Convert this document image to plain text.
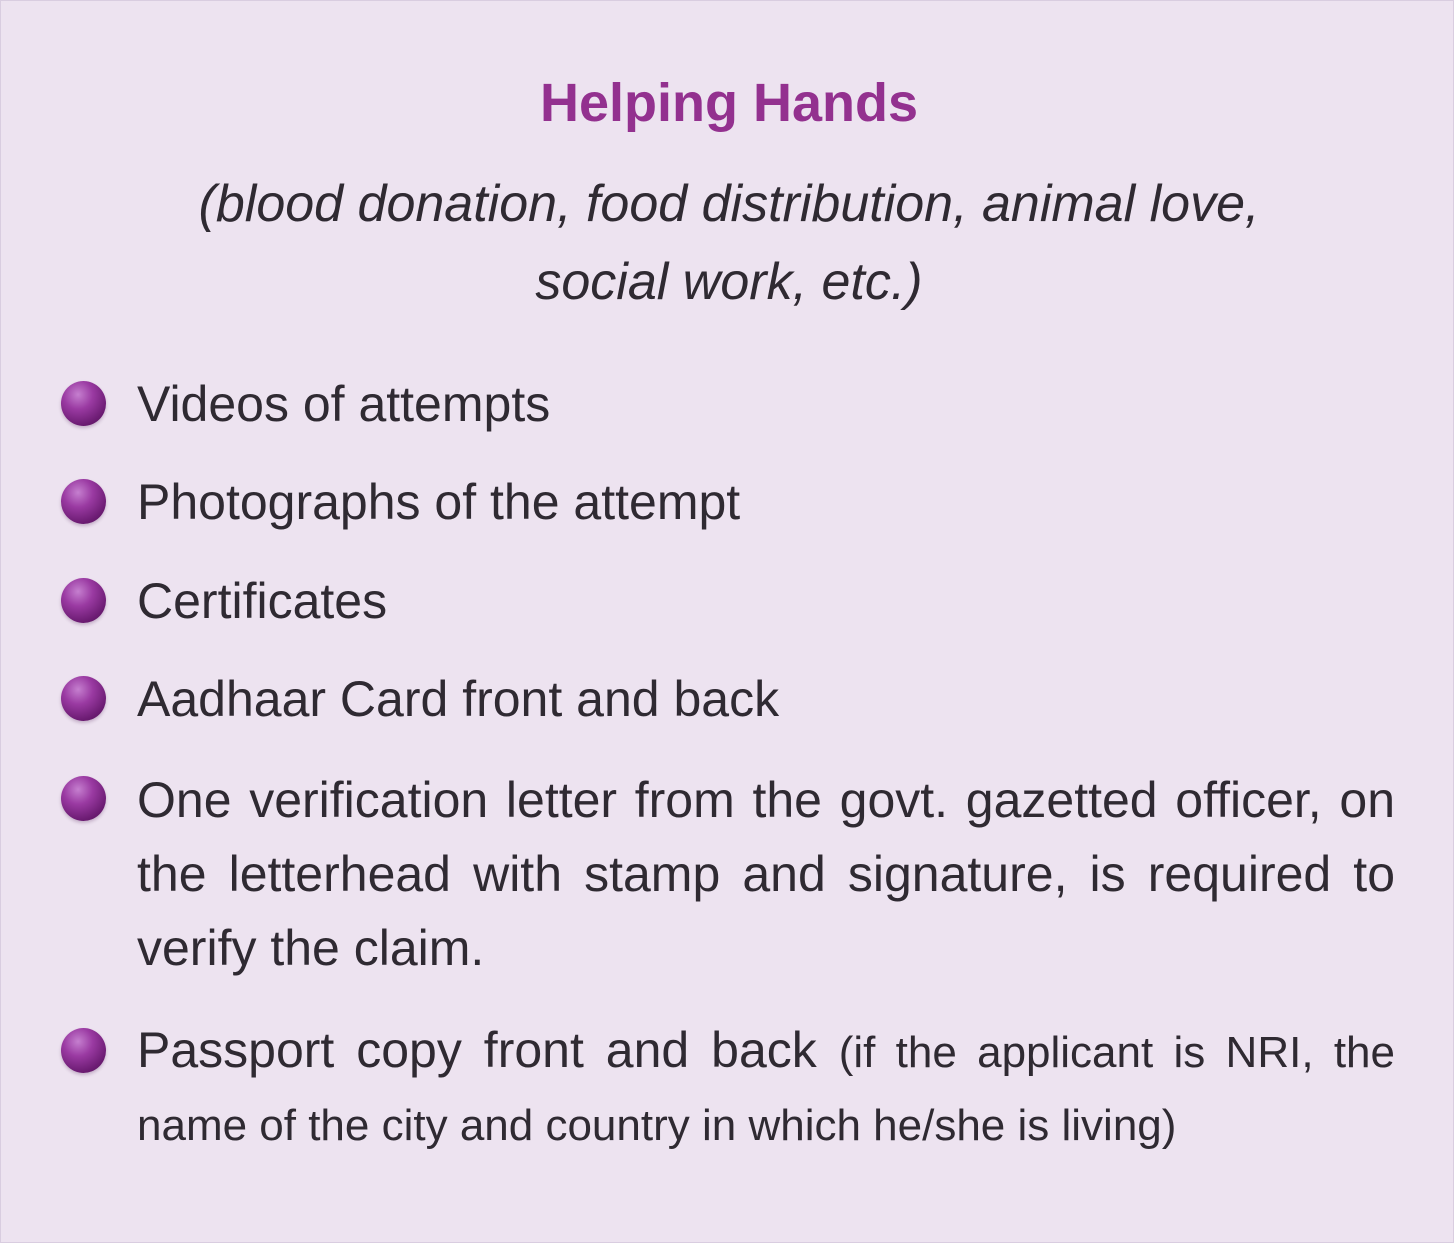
Helping Hands
(blood donation, food distribution, animal love,
social work, etc.)
Videos of attempts
Photographs of the attempt
Certificates
Aadhaar Card front and back
One verification letter from the govt. gazetted officer, on the letterhead with stamp and signature, is required to verify the claim.
Passport copy front and back (if the applicant is NRI, the name of the city and country in which he/she is living)
